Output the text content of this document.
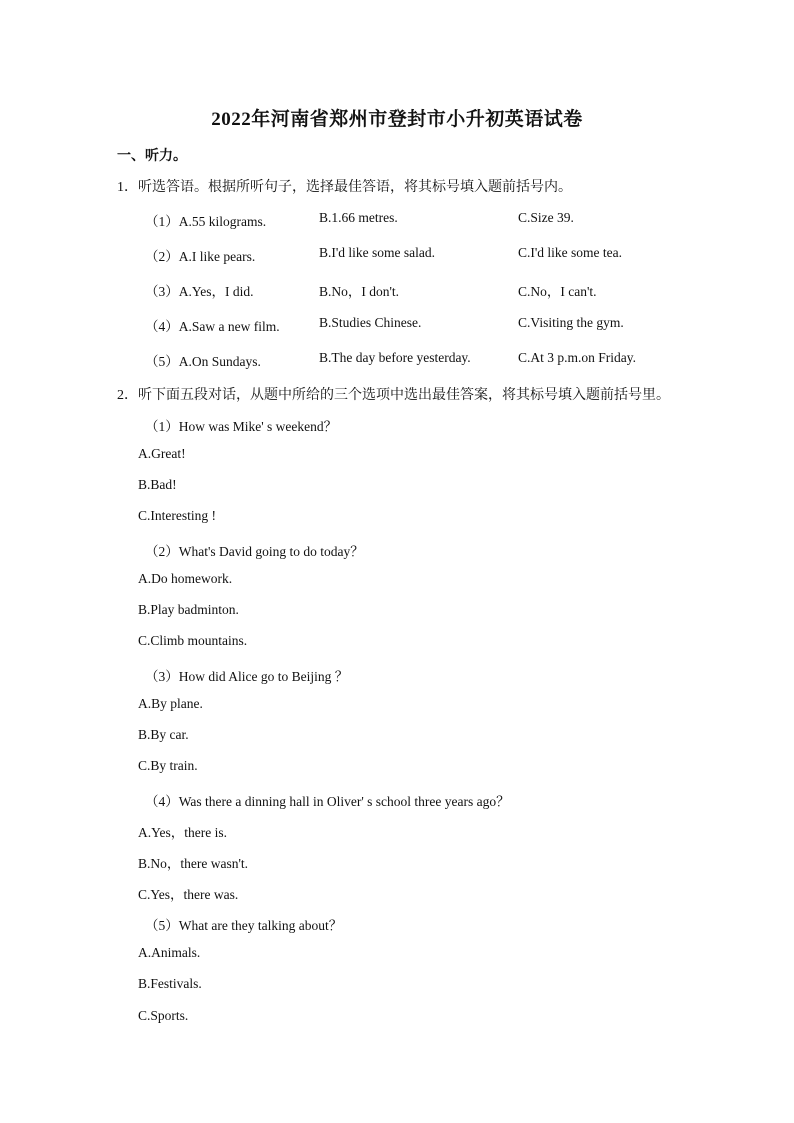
2022年河南省郑州市登封市小升初英语试卷
一、听力。
1．听选答语。根据所听句子，选择最佳答语，将其标号填入题前括号内。
（1）A.55 kilograms.	B.1.66 metres.	C.Size 39.
（2）A.I like pears.	B.I'd like some salad.	C.I'd like some tea.
（3）A.Yes，I did.	B.No，I don't.	C.No，I can't.
（4）A.Saw a new film.	B.Studies Chinese.	C.Visiting the gym.
（5）A.On Sundays.	B.The day before yesterday.	C.At 3 p.m.on Friday.
2．听下面五段对话，从题中所给的三个选项中选出最佳答案，将其标号填入题前括号里。
（1）How was Mike' s weekend？
A.Great!
B.Bad!
C.Interesting !
（2）What's David going to do today？
A.Do homework.
B.Play badminton.
C.Climb mountains.
（3）How did Alice go to Beijing ？
A.By plane.
B.By car.
C.By train.
（4）Was there a dinning hall in Oliver' s school three years ago？
A.Yes，there is.
B.No，there wasn't.
C.Yes，there was.
（5）What are they talking about？
A.Animals.
B.Festivals.
C.Sports.
